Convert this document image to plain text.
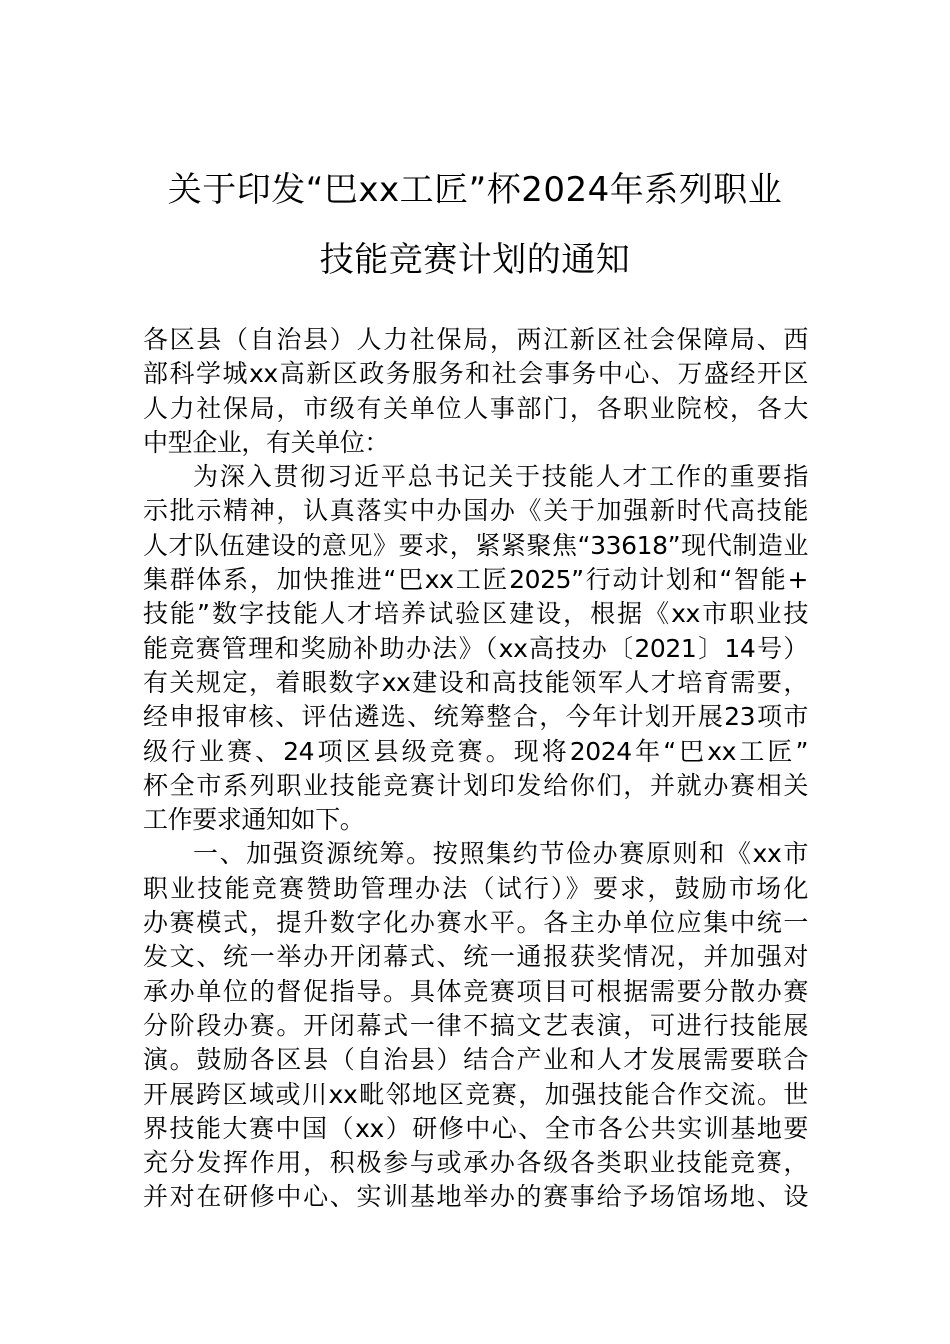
关于印发“巴xx工匠”杯2024年系列职业
技能竞赛计划的通知
各区县（自治县）人力社保局，两江新区社会保障局、西
部科学城xx高新区政务服务和社会事务中心、万盛经开区
人力社保局，市级有关单位人事部门，各职业院校，各大
中型企业，有关单位：
为深入贯彻习近平总书记关于技能人才工作的重要指
示批示精神，认真落实中办国办《关于加强新时代高技能
人才队伍建设的意见》要求，紧紧聚焦“33618”现代制造业
集群体系，加快推进“巴xx工匠2025”行动计划和“智能+
技能”数字技能人才培养试验区建设，根据《xx市职业技
能竞赛管理和奖励补助办法》（xx高技办〔2021〕14号）
有关规定，着眼数字xx建设和高技能领军人才培育需要，
经申报审核、评估遴选、统筹整合，今年计划开展23项市
级行业赛、24项区县级竞赛。现将2024年“巴xx工匠”
杯全市系列职业技能竞赛计划印发给你们，并就办赛相关
工作要求通知如下。
一、加强资源统筹。按照集约节俭办赛原则和《xx市
职业技能竞赛赞助管理办法（试行）》要求，鼓励市场化
办赛模式，提升数字化办赛水平。各主办单位应集中统一
发文、统一举办开闭幕式、统一通报获奖情况，并加强对
承办单位的督促指导。具体竞赛项目可根据需要分散办赛
分阶段办赛。开闭幕式一律不搞文艺表演，可进行技能展
演。鼓励各区县（自治县）结合产业和人才发展需要联合
开展跨区域或川xx毗邻地区竞赛，加强技能合作交流。世
界技能大赛中国（xx）研修中心、全市各公共实训基地要
充分发挥作用，积极参与或承办各级各类职业技能竞赛，
并对在研修中心、实训基地举办的赛事给予场馆场地、设
